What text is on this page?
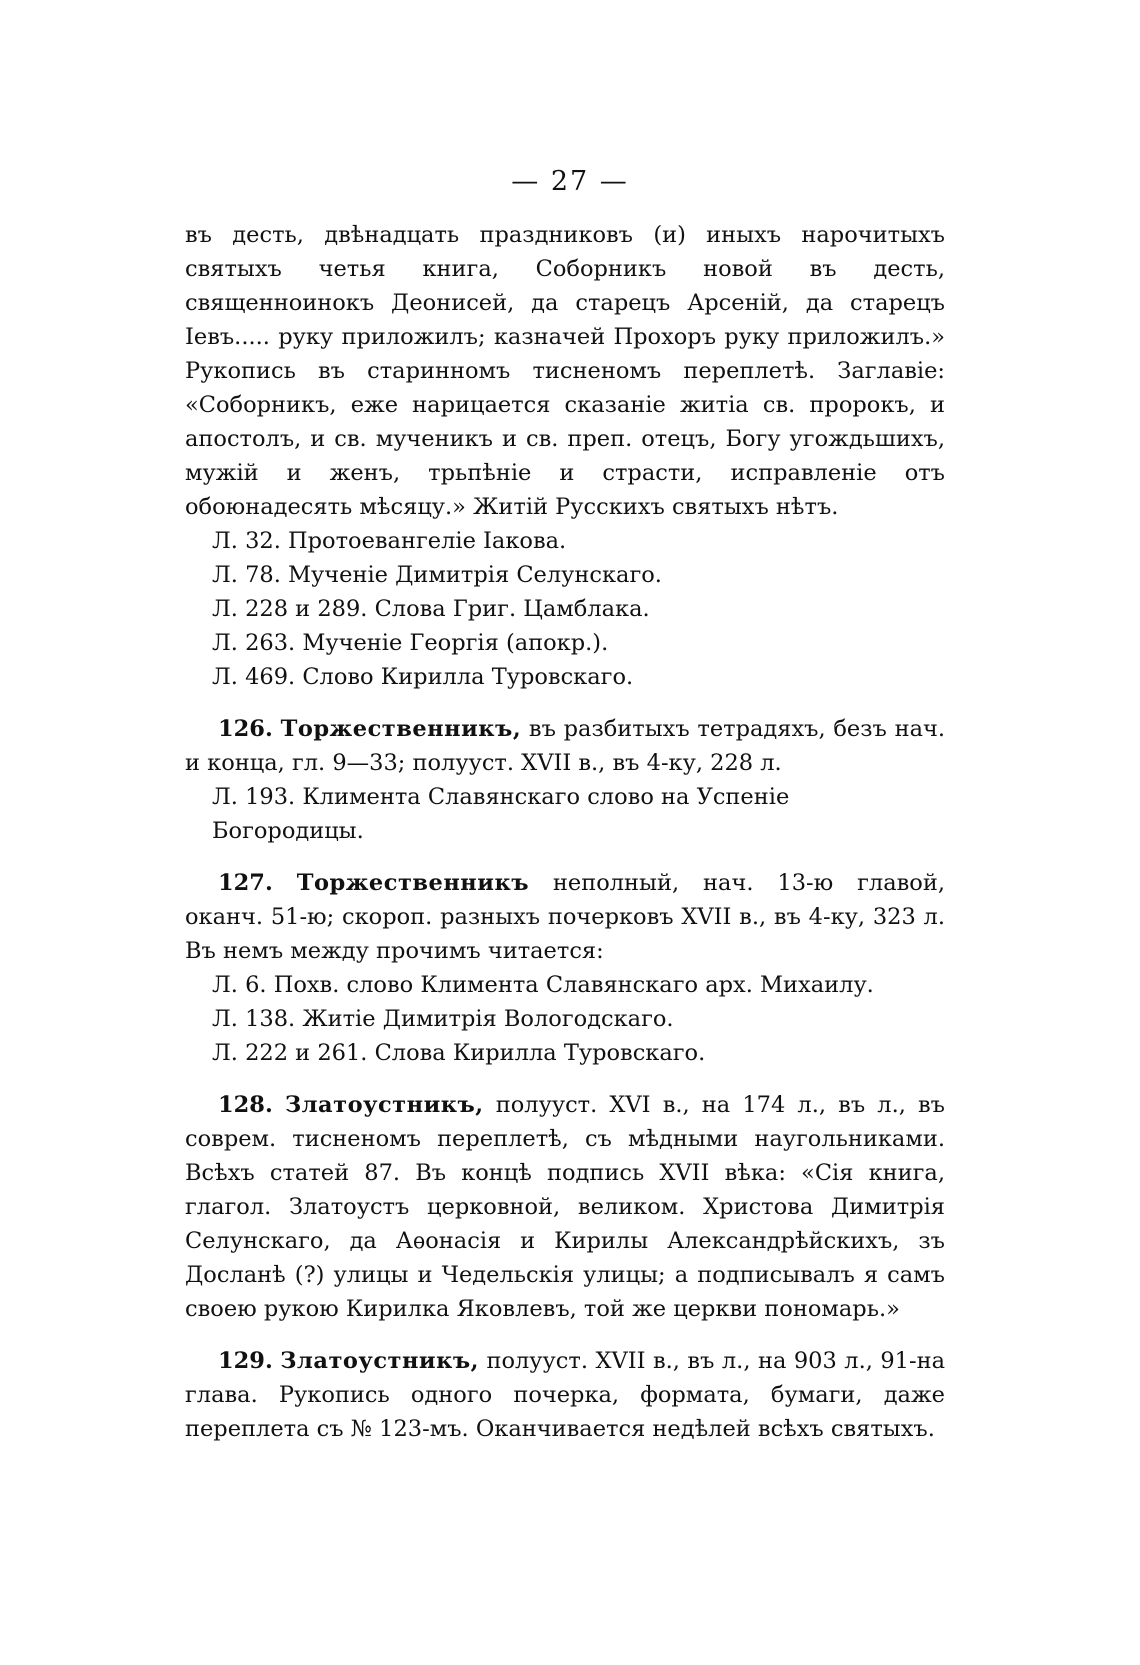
— 27 —

въ десть, двѣнадцать праздниковъ (и) иныхъ нарочитыхъ святыхъ четья книга, Соборникъ новой въ десть, священноинокъ Деонисей, да старецъ Арсеній, да старецъ Іевъ..... руку приложилъ; казначей Прохоръ руку приложилъ.» Рукопись въ старинномъ тисненомъ переплетѣ. Заглавіе: «Соборникъ, еже нарицается сказаніе житіа св. пророкъ, и апостолъ, и св. мученикъ и св. преп. отецъ, Богу угождьшихъ, мужій и женъ, трьпѣніе и страсти, исправленіе отъ обоюнадесять мѣсяцу.» Житій Русскихъ святыхъ нѣтъ.

Л. 32. Протоевангеліе Іакова.

Л. 78. Мученіе Димитрія Селунскаго.

Л. 228 и 289. Слова Григ. Цамблака.

Л. 263. Мученіе Георгія (апокр.).

Л. 469. Слово Кирилла Туровскаго.

126. Торжественникъ, въ разбитыхъ тетрадяхъ, безъ нач. и конца, гл. 9—33; полууст. XVII в., въ 4-ку, 228 л.

Л. 193. Климента Славянскаго слово на Успеніе Богородицы.

127. Торжественникъ неполный, нач. 13-ю главой, оканч. 51-ю; скороп. разныхъ почерковъ XVII в., въ 4-ку, 323 л. Въ немъ между прочимъ читается:

Л. 6. Похв. слово Климента Славянскаго арх. Михаилу.

Л. 138. Житіе Димитрія Вологодскаго.

Л. 222 и 261. Слова Кирилла Туровскаго.

128. Златоустникъ, полууст. XVI в., на 174 л., въ л., въ соврем. тисненомъ переплетѣ, съ мѣдными наугольниками. Всѣхъ статей 87. Въ концѣ подпись XVII вѣка: «Сія книга, глагол. Златоустъ церковной, великом. Христова Димитрія Селунскаго, да Аѳонасія и Кирилы Александрѣйскихъ, зъ Досланѣ (?) улицы и Чедельскія улицы; а подписывалъ я самъ своею рукою Кирилка Яковлевъ, той же церкви пономарь.»

129. Златоустникъ, полууст. XVII в., въ л., на 903 л., 91-на глава. Рукопись одного почерка, формата, бумаги, даже переплета съ № 123-мъ. Оканчивается недѣлей всѣхъ святыхъ.
